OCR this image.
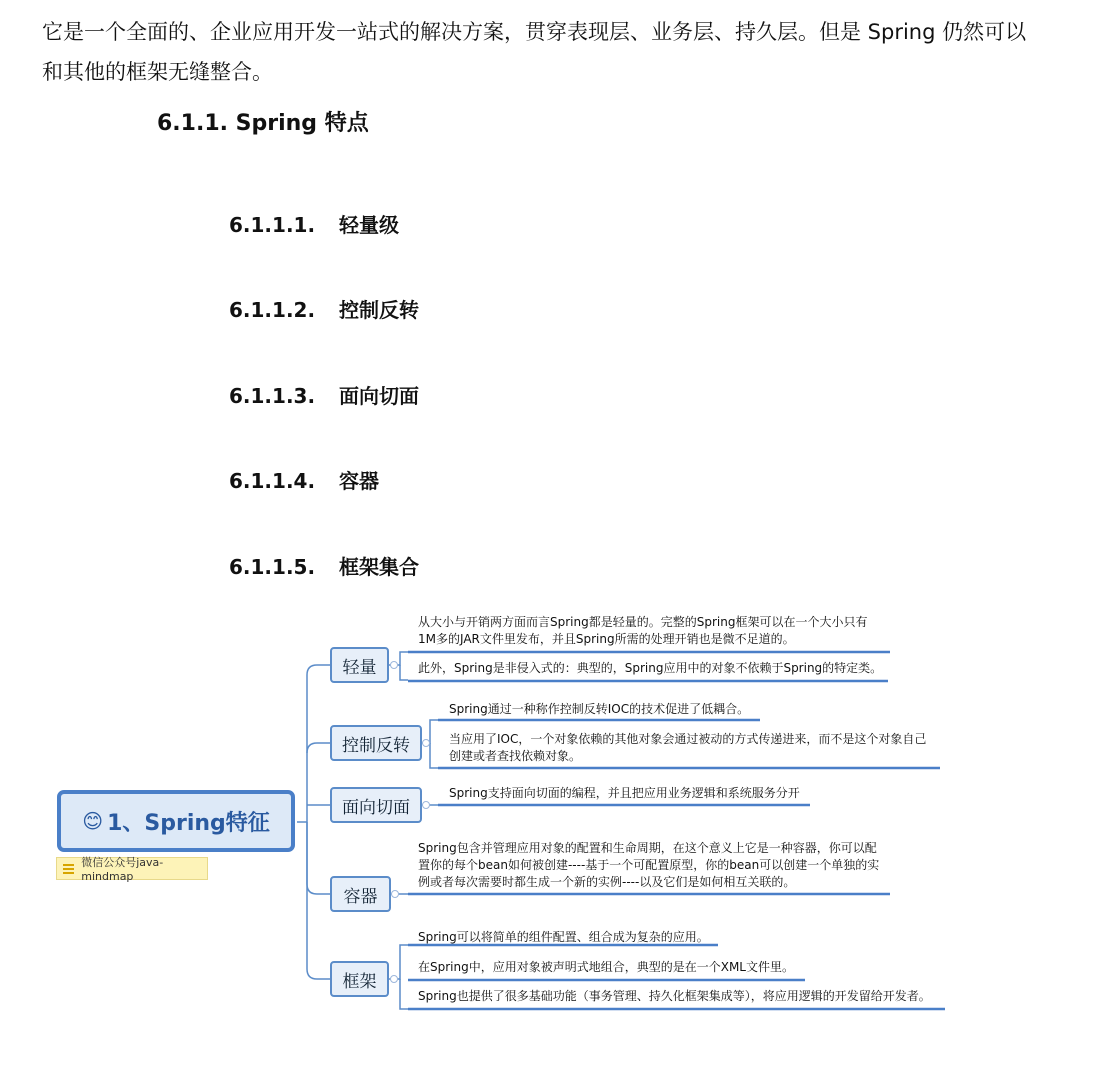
它是一个全面的、企业应用开发一站式的解决方案，贯穿表现层、业务层、持久层。但是 Spring 仍然可以和其他的框架无缝整合。
6.1.1. Spring 特点
6.1.1.1. 轻量级
6.1.1.2. 控制反转
6.1.1.3. 面向切面
6.1.1.4. 容器
6.1.1.5. 框架集合
😊 1、Spring特征
微信公众号java-mindmap
轻量
控制反转
面向切面
容器
框架
从大小与开销两方面而言Spring都是轻量的。完整的Spring框架可以在一个大小只有
1M多的JAR文件里发布，并且Spring所需的处理开销也是微不足道的。
此外，Spring是非侵入式的：典型的，Spring应用中的对象不依赖于Spring的特定类。
Spring通过一种称作控制反转IOC的技术促进了低耦合。
当应用了IOC，一个对象依赖的其他对象会通过被动的方式传递进来，而不是这个对象自己
创建或者查找依赖对象。
Spring支持面向切面的编程，并且把应用业务逻辑和系统服务分开
Spring包含并管理应用对象的配置和生命周期，在这个意义上它是一种容器，你可以配
置你的每个bean如何被创建----基于一个可配置原型，你的bean可以创建一个单独的实
例或者每次需要时都生成一个新的实例----以及它们是如何相互关联的。
Spring可以将简单的组件配置、组合成为复杂的应用。
在Spring中，应用对象被声明式地组合，典型的是在一个XML文件里。
Spring也提供了很多基础功能（事务管理、持久化框架集成等），将应用逻辑的开发留给开发者。
